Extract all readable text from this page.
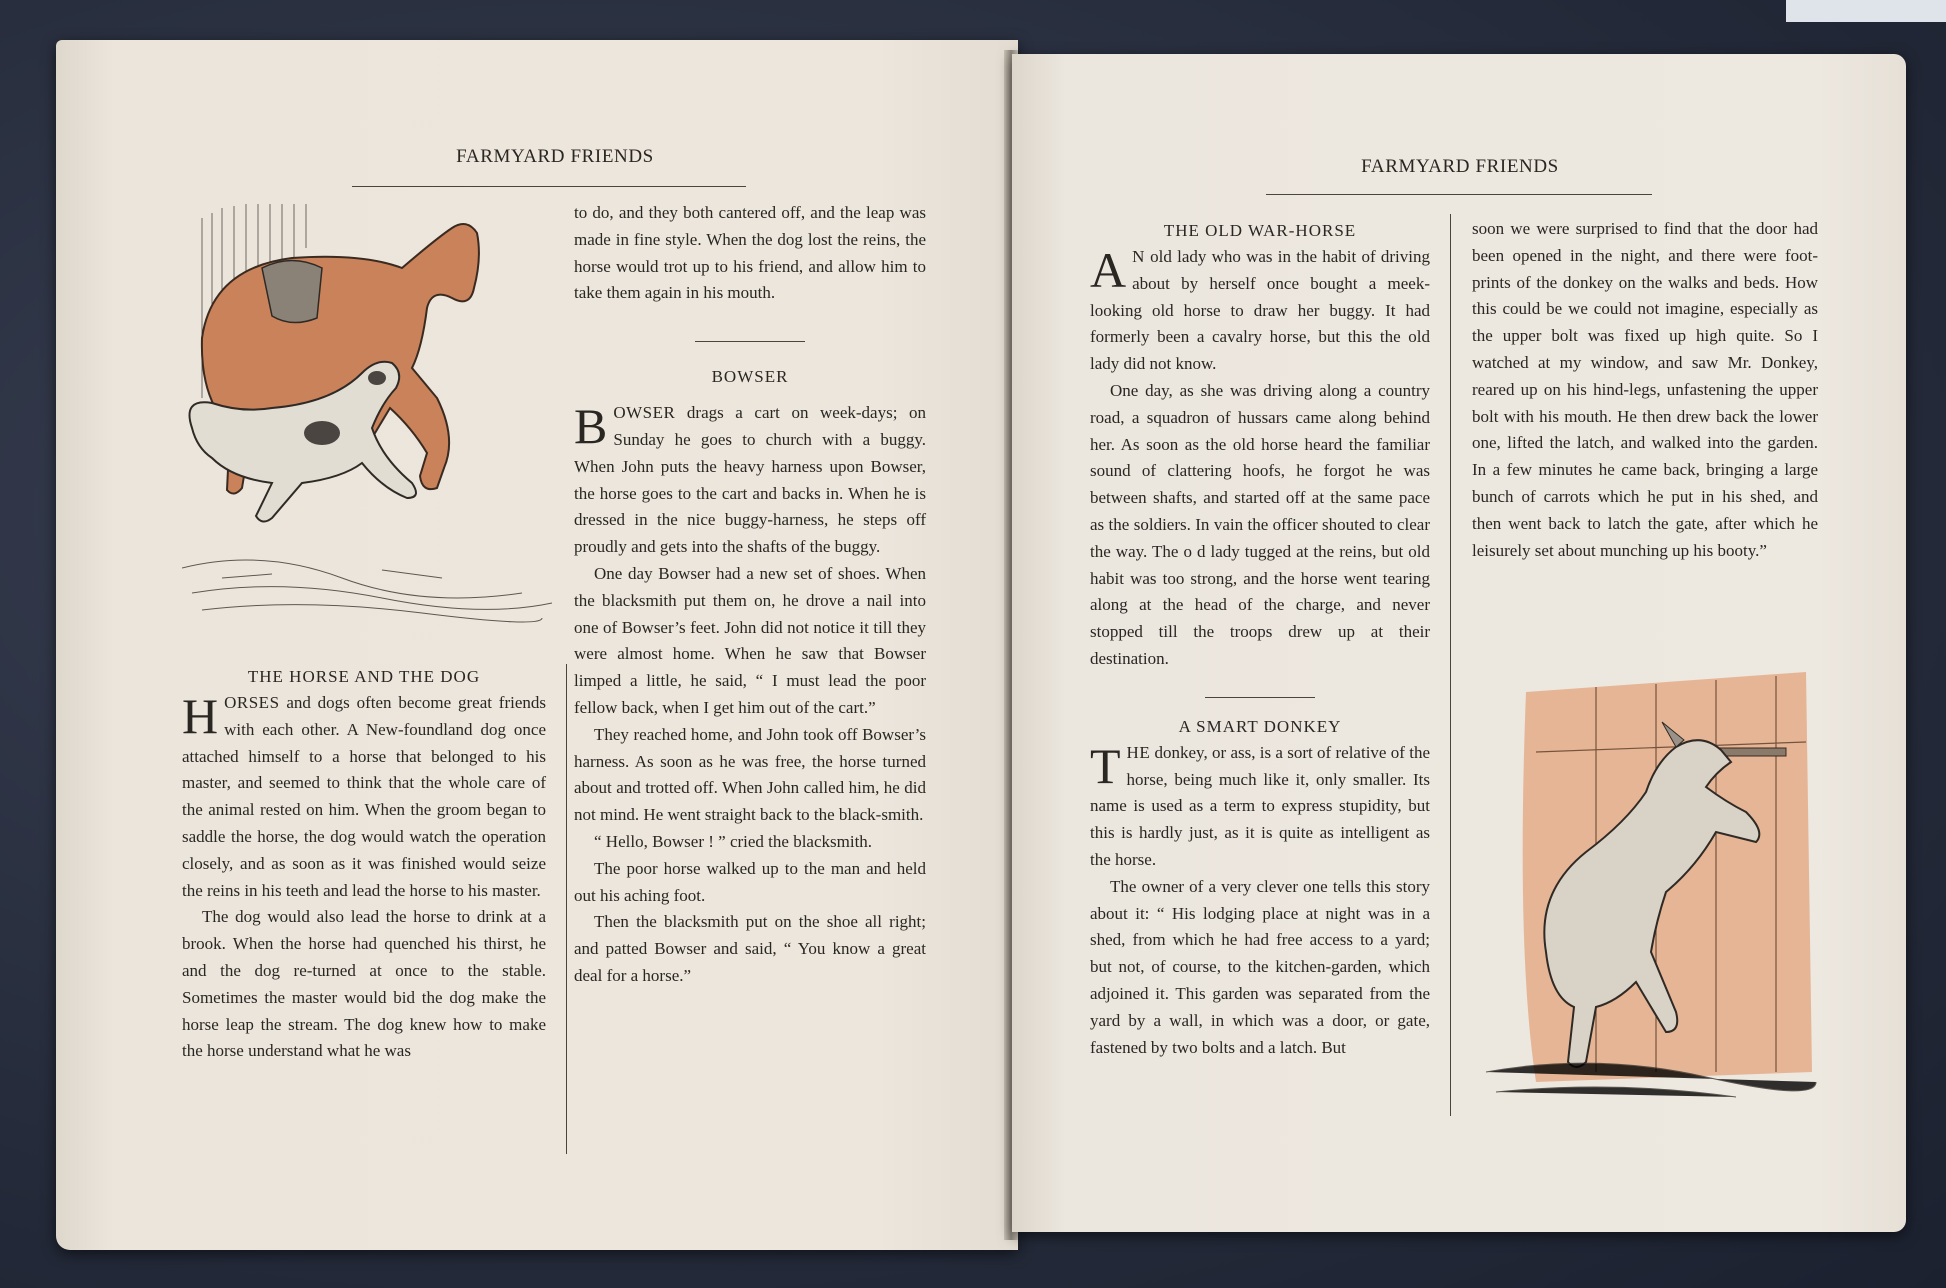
FARMYARD FRIENDS
THE HORSE AND THE DOG

HORSES and dogs often become great friends with each other. A New-foundland dog once attached himself to a horse that belonged to his master, and seemed to think that the whole care of the animal rested on him. When the groom began to saddle the horse, the dog would watch the operation closely, and as soon as it was finished would seize the reins in his teeth and lead the horse to his master.

The dog would also lead the horse to drink at a brook. When the horse had quenched his thirst, he and the dog re-turned at once to the stable. Sometimes the master would bid the dog make the horse leap the stream. The dog knew how to make the horse understand what he was

to do, and they both cantered off, and the leap was made in fine style. When the dog lost the reins, the horse would trot up to his friend, and allow him to take them again in his mouth.

BOWSER

BOWSER drags a cart on week-days; on Sunday he goes to church with a buggy. When John puts the heavy harness upon Bowser, the horse goes to the cart and backs in. When he is dressed in the nice buggy-harness, he steps off proudly and gets into the shafts of the buggy.

One day Bowser had a new set of shoes. When the blacksmith put them on, he drove a nail into one of Bowser’s feet. John did not notice it till they were almost home. When he saw that Bowser limped a little, he said, “ I must lead the poor fellow back, when I get him out of the cart.”

They reached home, and John took off Bowser’s harness. As soon as he was free, the horse turned about and trotted off. When John called him, he did not mind. He went straight back to the black-smith.

“ Hello, Bowser ! ” cried the blacksmith.

The poor horse walked up to the man and held out his aching foot.

Then the blacksmith put on the shoe all right; and patted Bowser and said, “ You know a great deal for a horse.”

FARMYARD FRIENDS
THE OLD WAR-HORSE

A N old lady who was in the habit of driving about by herself once bought a meek-looking old horse to draw her buggy. It had formerly been a cavalry horse, but this the old lady did not know.

One day, as she was driving along a country road, a squadron of hussars came along behind her. As soon as the old horse heard the familiar sound of clattering hoofs, he forgot he was between shafts, and started off at the same pace as the soldiers. In vain the officer shouted to clear the way. The o d lady tugged at the reins, but old habit was too strong, and the horse went tearing along at the head of the charge, and never stopped till the troops drew up at their destination.

A SMART DONKEY

THE donkey, or ass, is a sort of relative of the horse, being much like it, only smaller. Its name is used as a term to express stupidity, but this is hardly just, as it is quite as intelligent as the horse.

The owner of a very clever one tells this story about it: “ His lodging place at night was in a shed, from which he had free access to a yard; but not, of course, to the kitchen-garden, which adjoined it. This garden was separated from the yard by a wall, in which was a door, or gate, fastened by two bolts and a latch. But

soon we were surprised to find that the door had been opened in the night, and there were foot-prints of the donkey on the walks and beds. How this could be we could not imagine, especially as the upper bolt was fixed up high quite. So I watched at my window, and saw Mr. Donkey, reared up on his hind-legs, unfastening the upper bolt with his mouth. He then drew back the lower one, lifted the latch, and walked into the garden. In a few minutes he came back, bringing a large bunch of carrots which he put in his shed, and then went back to latch the gate, after which he leisurely set about munching up his booty.”
